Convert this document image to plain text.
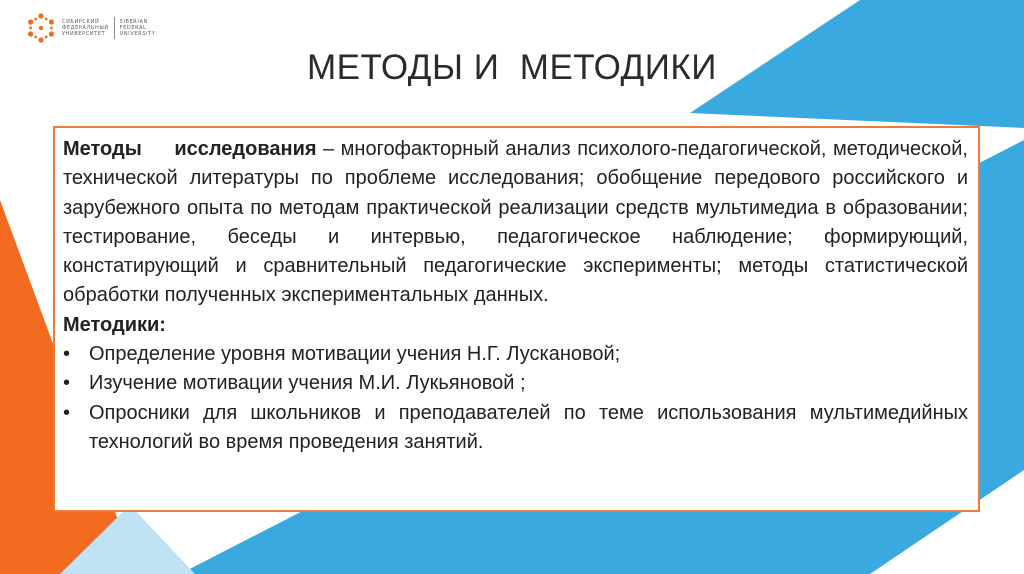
СИБИРСКИЙ
ФЕДЕРАЛЬНЫЙ
УНИВЕРСИТЕТ
SIBERIAN
FEDERAL
UNIVERSITY
МЕТОДЫ И  МЕТОДИКИ

Методы исследования – многофакторный анализ психолого-педагогической, методической, технической литературы по проблеме исследования; обобщение передового российского и зарубежного опыта по методам практической реализации средств мультимедиа в образовании; тестирование, беседы и интервью, педагогическое наблюдение; формирующий, констатирующий и сравнительный педагогические эксперименты; методы статистической обработки полученных экспериментальных данных.

Методики:

• Определение уровня мотивации учения Н.Г. Лускановой;
• Изучение мотивации учения М.И. Лукьяновой ;
• Опросники для школьников и преподавателей по теме использования мультимедийных технологий во время проведения занятий.
